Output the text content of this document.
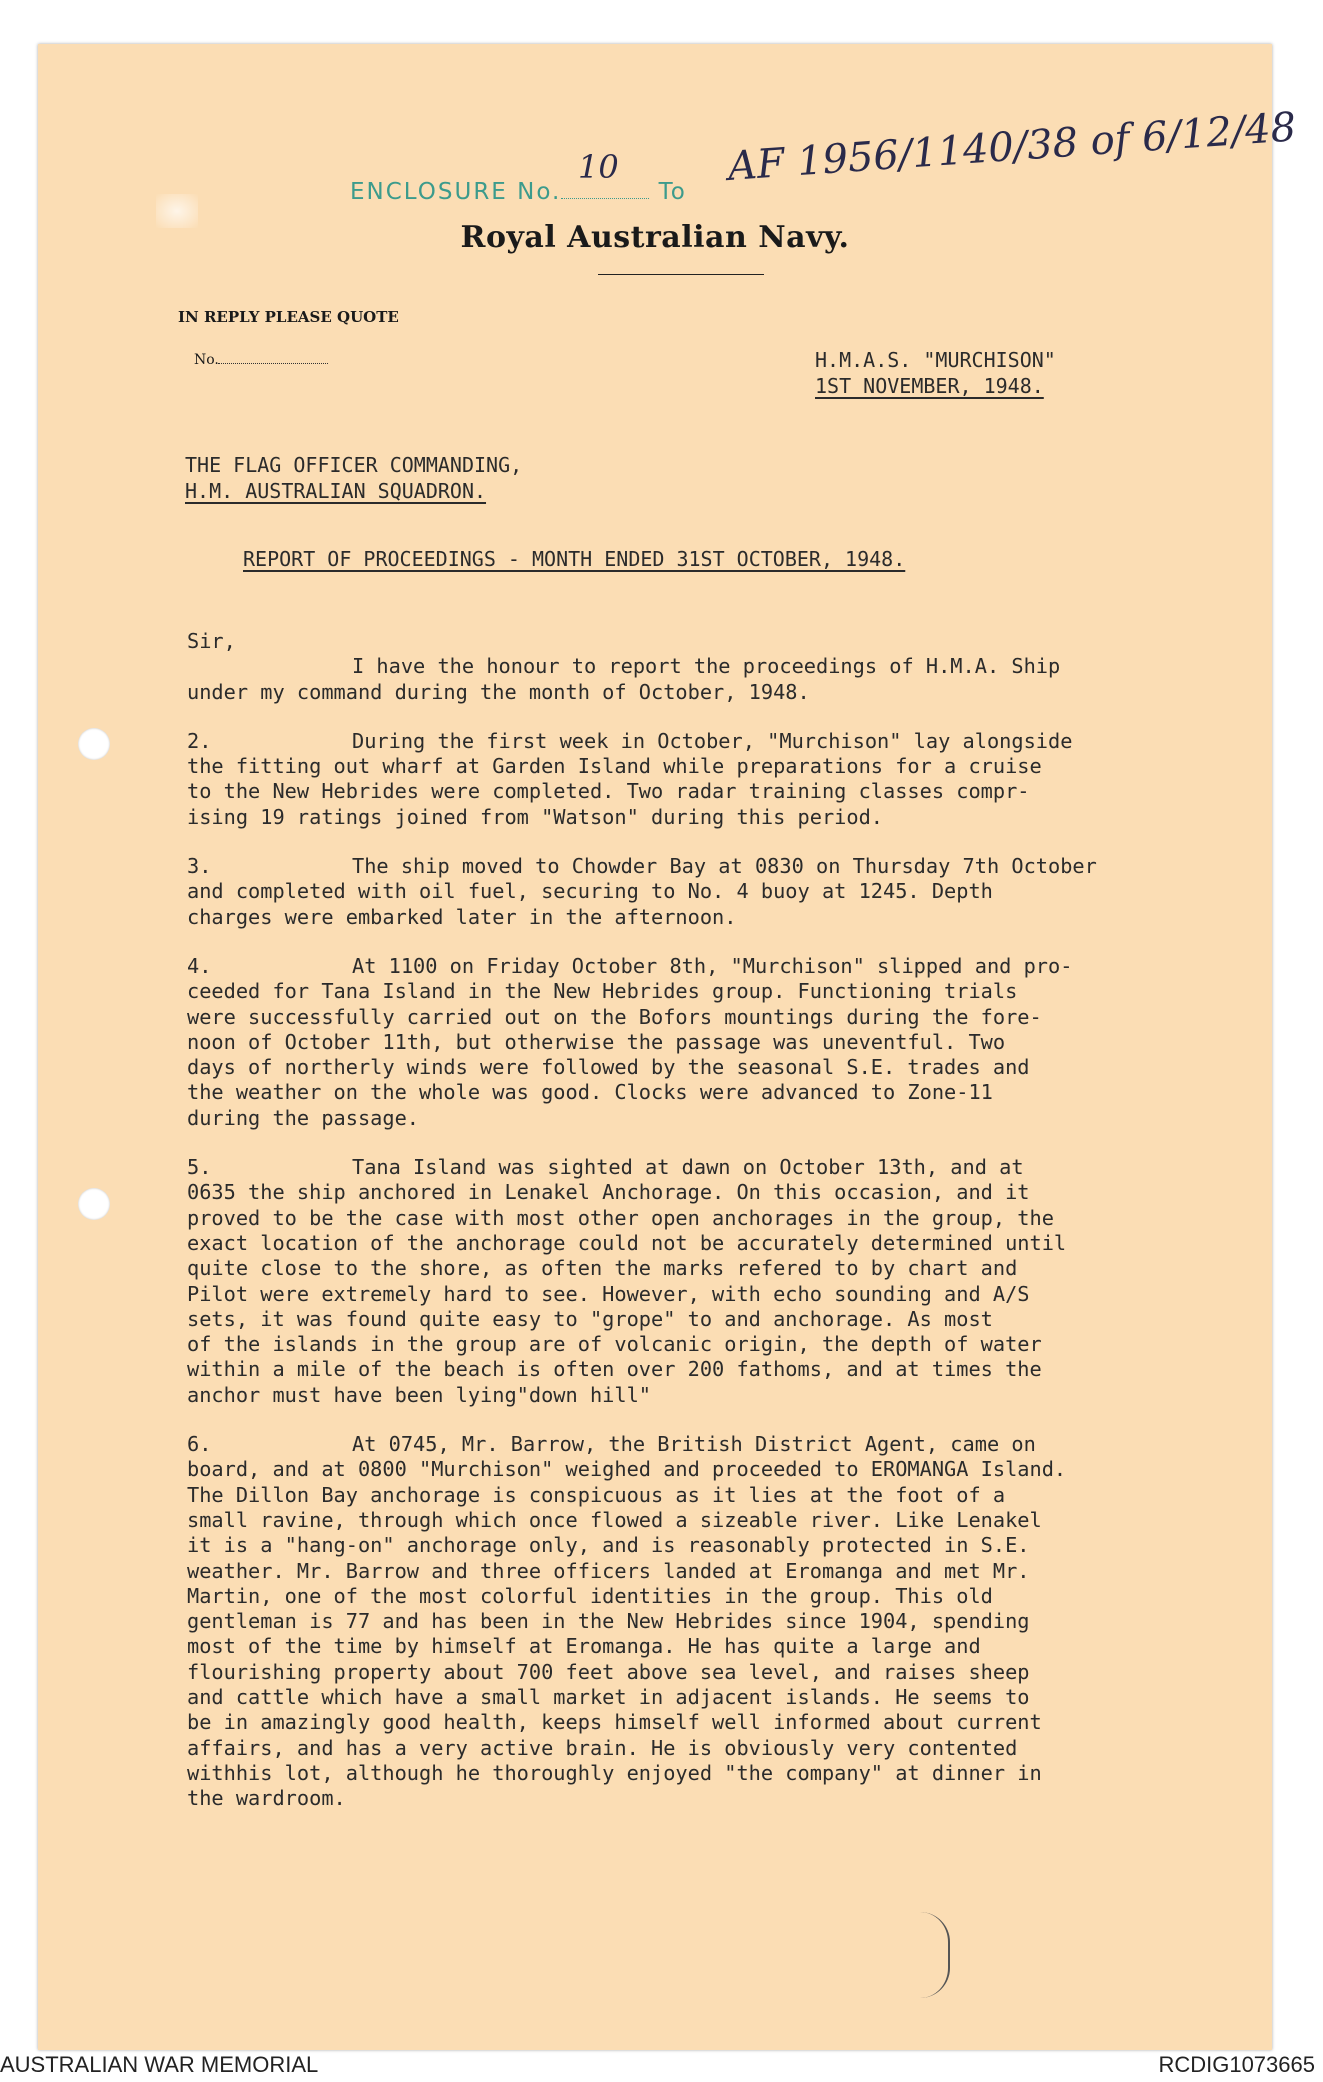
ENCLOSURE No.	To
10	AF 1956/1140/38 of 6/12/48
Royal Australian Navy.
IN REPLY PLEASE QUOTE
No.	H.M.A.S. "MURCHISON"
1ST NOVEMBER, 1948.
THE FLAG OFFICER COMMANDING,
H.M. AUSTRALIAN SQUADRON.
REPORT OF PROCEEDINGS - MONTH ENDED 31ST OCTOBER, 1948.

Sir,

I have the honour to report the proceedings of H.M.A. Ship

under my command during the month of October, 1948.

2.	During the first week in October, "Murchison" lay alongside

the fitting out wharf at Garden Island while preparations for a cruise

to the New Hebrides were completed. Two radar training classes compr-

ising 19 ratings joined from "Watson" during this period.

3.	The ship moved to Chowder Bay at 0830 on Thursday 7th October

and completed with oil fuel, securing to No. 4 buoy at 1245. Depth

charges were embarked later in the afternoon.

4.	At 1100 on Friday October 8th, "Murchison" slipped and pro-

ceeded for Tana Island in the New Hebrides group. Functioning trials

were successfully carried out on the Bofors mountings during the fore-

noon of October 11th, but otherwise the passage was uneventful. Two

days of northerly winds were followed by the seasonal S.E. trades and

the weather on the whole was good. Clocks were advanced to Zone-11

during the passage.

5.	Tana Island was sighted at dawn on October 13th, and at

0635 the ship anchored in Lenakel Anchorage. On this occasion, and it

proved to be the case with most other open anchorages in the group, the

exact location of the anchorage could not be accurately determined until

quite close to the shore, as often the marks refered to by chart and

Pilot were extremely hard to see. However, with echo sounding and A/S

sets, it was found quite easy to "grope" to and anchorage. As most

of the islands in the group are of volcanic origin, the depth of water

within a mile of the beach is often over 200 fathoms, and at times the

anchor must have been lying"down hill"

6.	At 0745, Mr. Barrow, the British District Agent, came on

board, and at 0800 "Murchison" weighed and proceeded to EROMANGA Island.

The Dillon Bay anchorage is conspicuous as it lies at the foot of a

small ravine, through which once flowed a sizeable river. Like Lenakel

it is a "hang-on" anchorage only, and is reasonably protected in S.E.

weather. Mr. Barrow and three officers landed at Eromanga and met Mr.

Martin, one of the most colorful identities in the group. This old

gentleman is 77 and has been in the New Hebrides since 1904, spending

most of the time by himself at Eromanga. He has quite a large and

flourishing property about 700 feet above sea level, and raises sheep

and cattle which have a small market in adjacent islands. He seems to

be in amazingly good health, keeps himself well informed about current

affairs, and has a very active brain. He is obviously very contented

withhis lot, although he thoroughly enjoyed "the company" at dinner in

the wardroom.

AUSTRALIAN WAR MEMORIAL	RCDIG1073665
